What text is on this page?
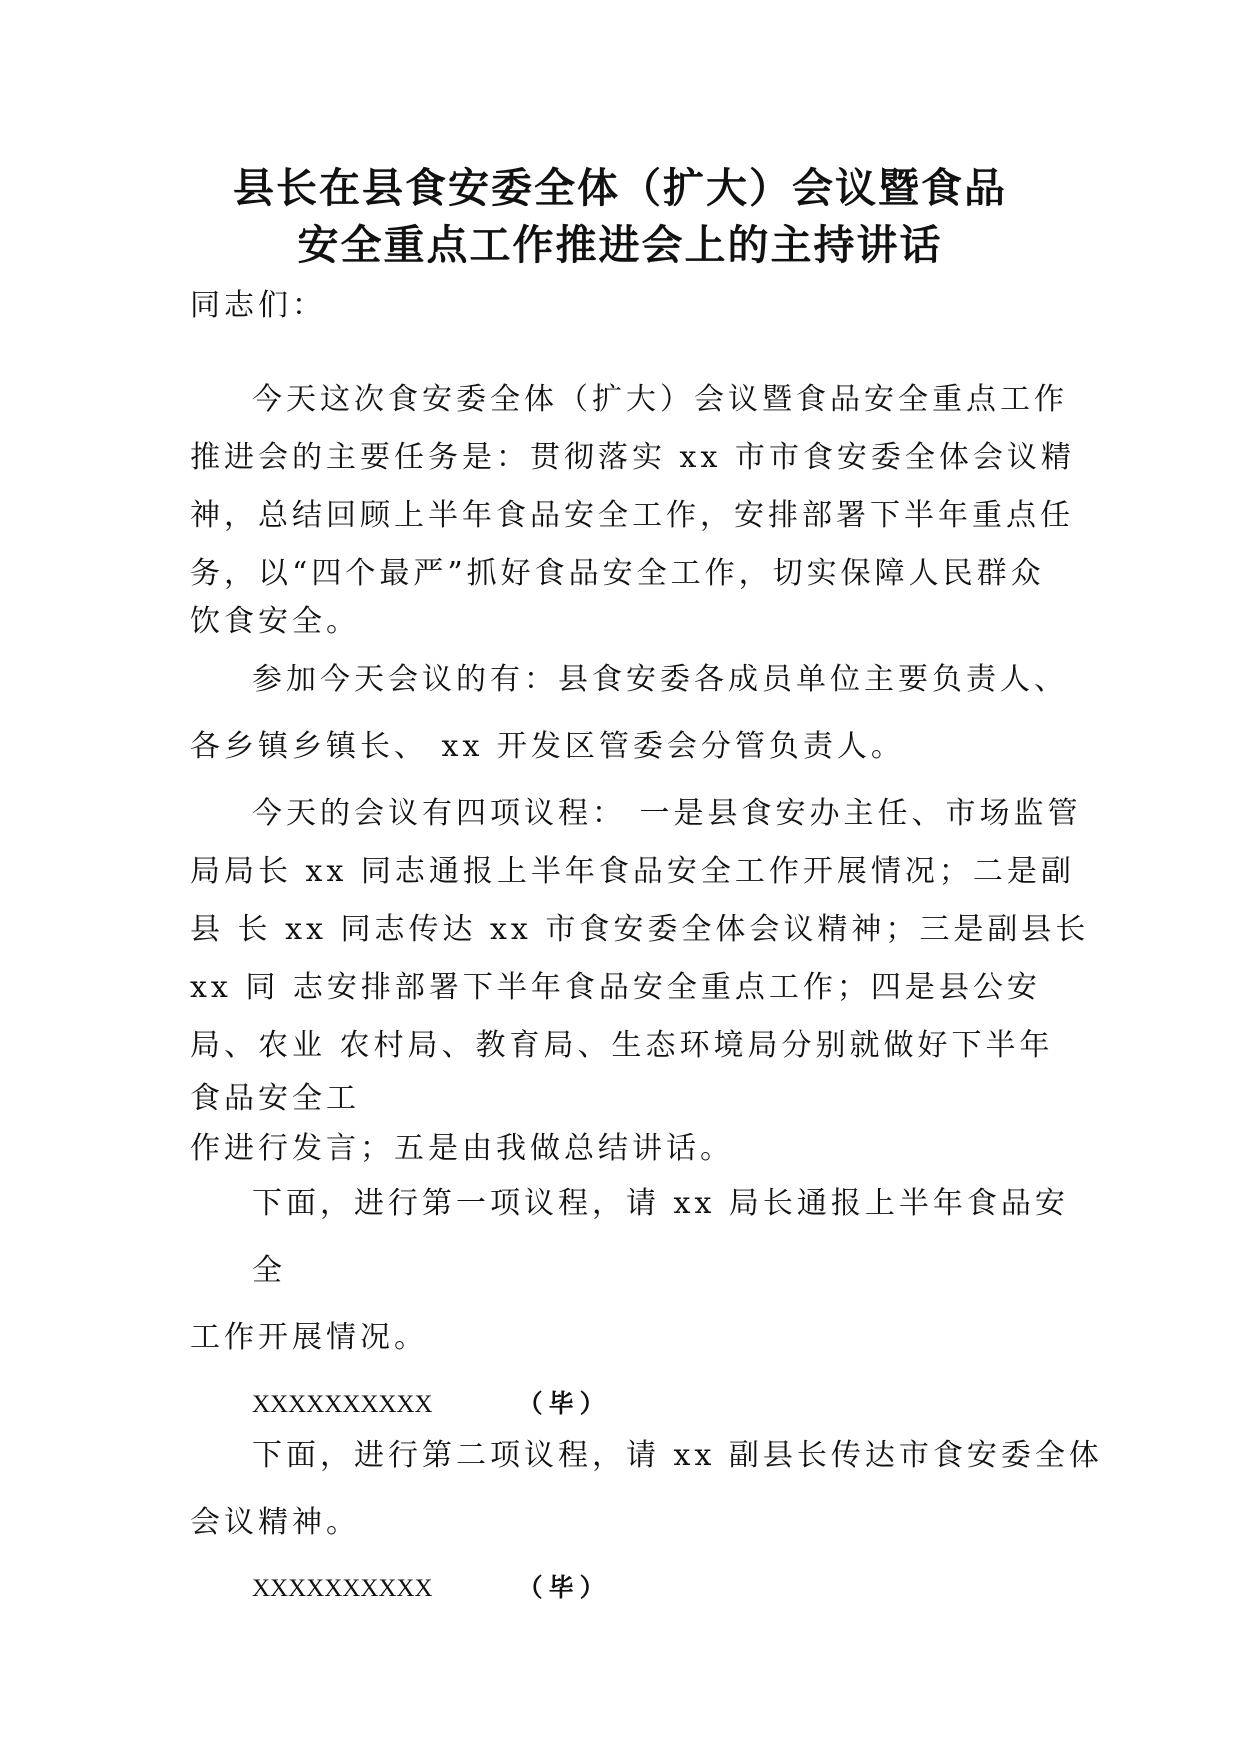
县长在县食安委全体（扩大）会议暨食品
安全重点工作推进会上的主持讲话
同志们：
今天这次食安委全体（扩大）会议暨食品安全重点工作
推进会的主要任务是：贯彻落实 xx 市市食安委全体会议精
神，总结回顾上半年食品安全工作，安排部署下半年重点任
务，以“四个最严”抓好食品安全工作，切实保障人民群众
饮食安全。
参加今天会议的有：县食安委各成员单位主要负责人、
各乡镇乡镇长、 xx 开发区管委会分管负责人。
今天的会议有四项议程： 一是县食安办主任、市场监管
局局长 xx 同志通报上半年食品安全工作开展情况；二是副
县 长 xx 同志传达 xx 市食安委全体会议精神；三是副县长
xx 同 志安排部署下半年食品安全重点工作；四是县公安
局、农业 农村局、教育局、生态环境局分别就做好下半年
食品安全工
作进行发言；五是由我做总结讲话。
下面，进行第一项议程，请 xx 局长通报上半年食品安
全
工作开展情况。
XXXXXXXXXX	（毕）
下面，进行第二项议程，请 xx 副县长传达市食安委全体
会议精神。
XXXXXXXXXX	（毕）
